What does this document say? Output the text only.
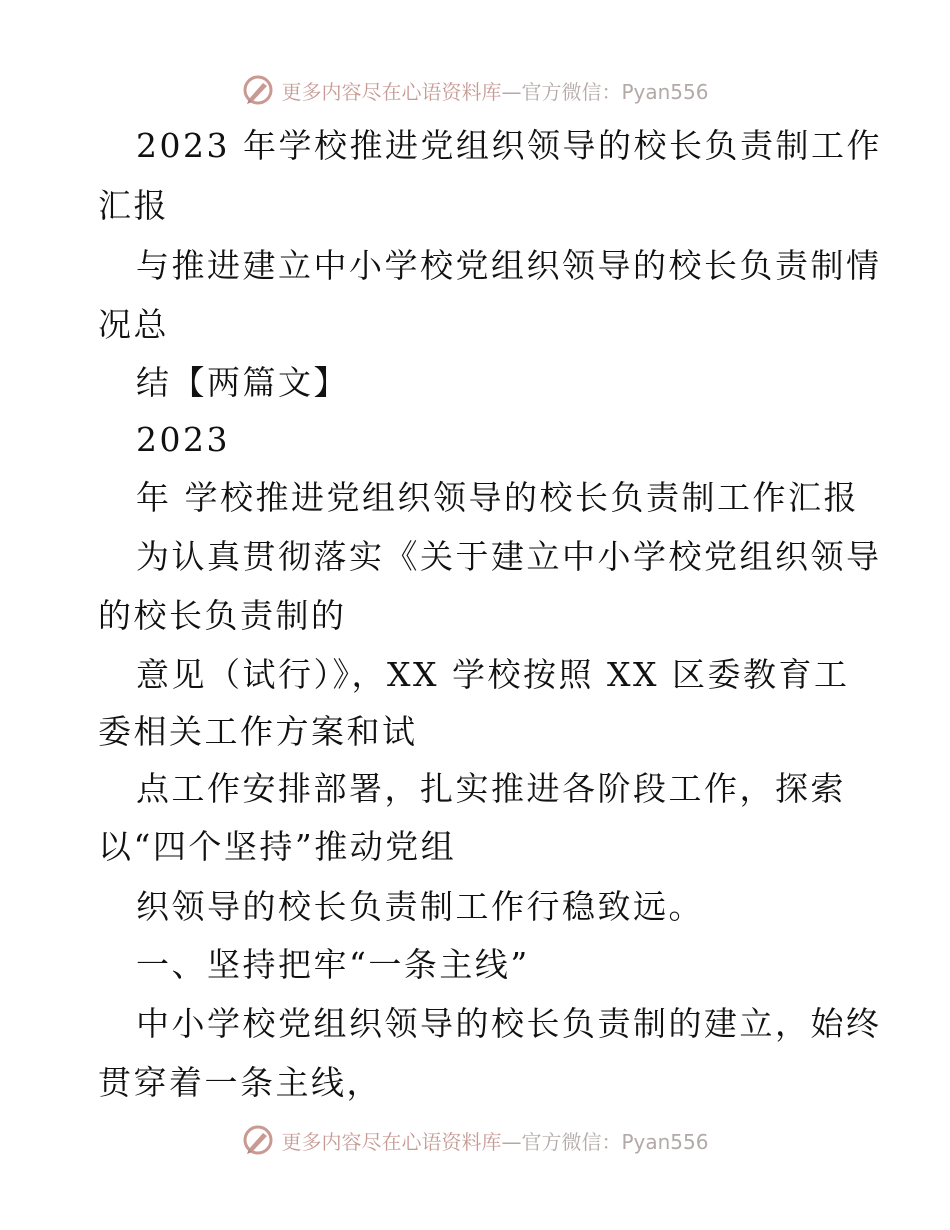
更多内容尽在心语资料库 —官方微信：Pyan556
2023 年学校推进党组织领导的校长负责制工作
汇报
与推进建立中小学校党组织领导的校长负责制情
况总
结【两篇文】
2023
年 学校推进党组织领导的校长负责制工作汇报
为认真贯彻落实《关于建立中小学校党组织领导
的校长负责制的
意见（试行）》，XX 学校按照 XX 区委教育工
委相关工作方案和试
点工作安排部署，扎实推进各阶段工作，探索
以“四个坚持”推动党组
织领导的校长负责制工作行稳致远。
一、坚持把牢“一条主线”
中小学校党组织领导的校长负责制的建立，始终
贯穿着一条主线，
更多内容尽在心语资料库 —官方微信：Pyan556
